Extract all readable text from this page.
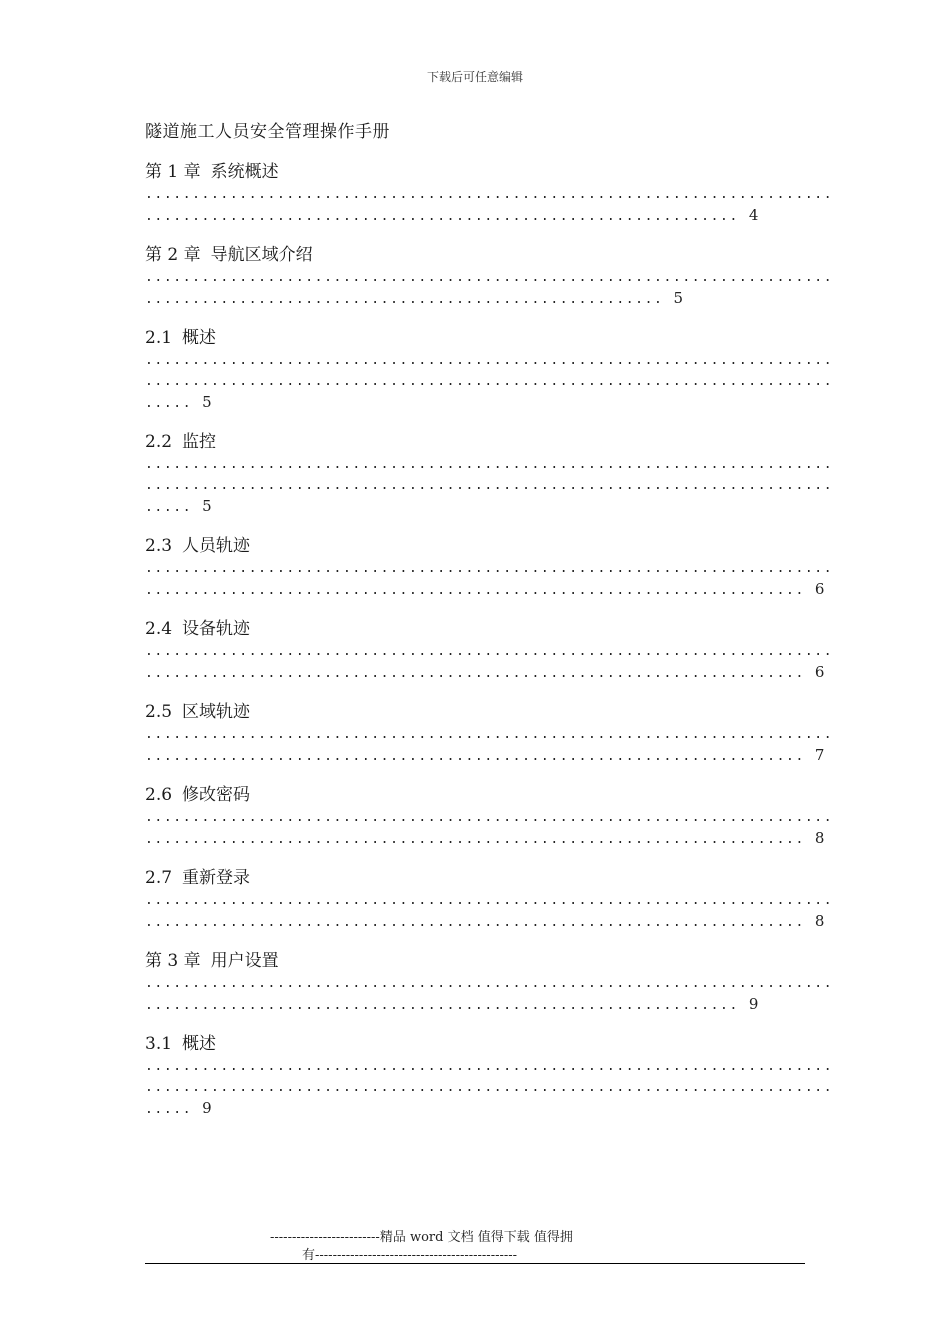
下载后可任意编辑
隧道施工人员安全管理操作手册
第 1 章 系统概述
.........................................................................
............................................................... 4
第 2 章 导航区域介绍
.........................................................................
....................................................... 5
2.1 概述
.........................................................................
.........................................................................
..... 5
2.2 监控
.........................................................................
.........................................................................
..... 5
2.3 人员轨迹
.........................................................................
...................................................................... 6
2.4 设备轨迹
.........................................................................
...................................................................... 6
2.5 区域轨迹
.........................................................................
...................................................................... 7
2.6 修改密码
.........................................................................
...................................................................... 8
2.7 重新登录
.........................................................................
...................................................................... 8
第 3 章 用户设置
.........................................................................
............................................................... 9
3.1 概述
.........................................................................
.........................................................................
..... 9
-------------------------精品 word 文档 值得下载 值得拥
有----------------------------------------------
